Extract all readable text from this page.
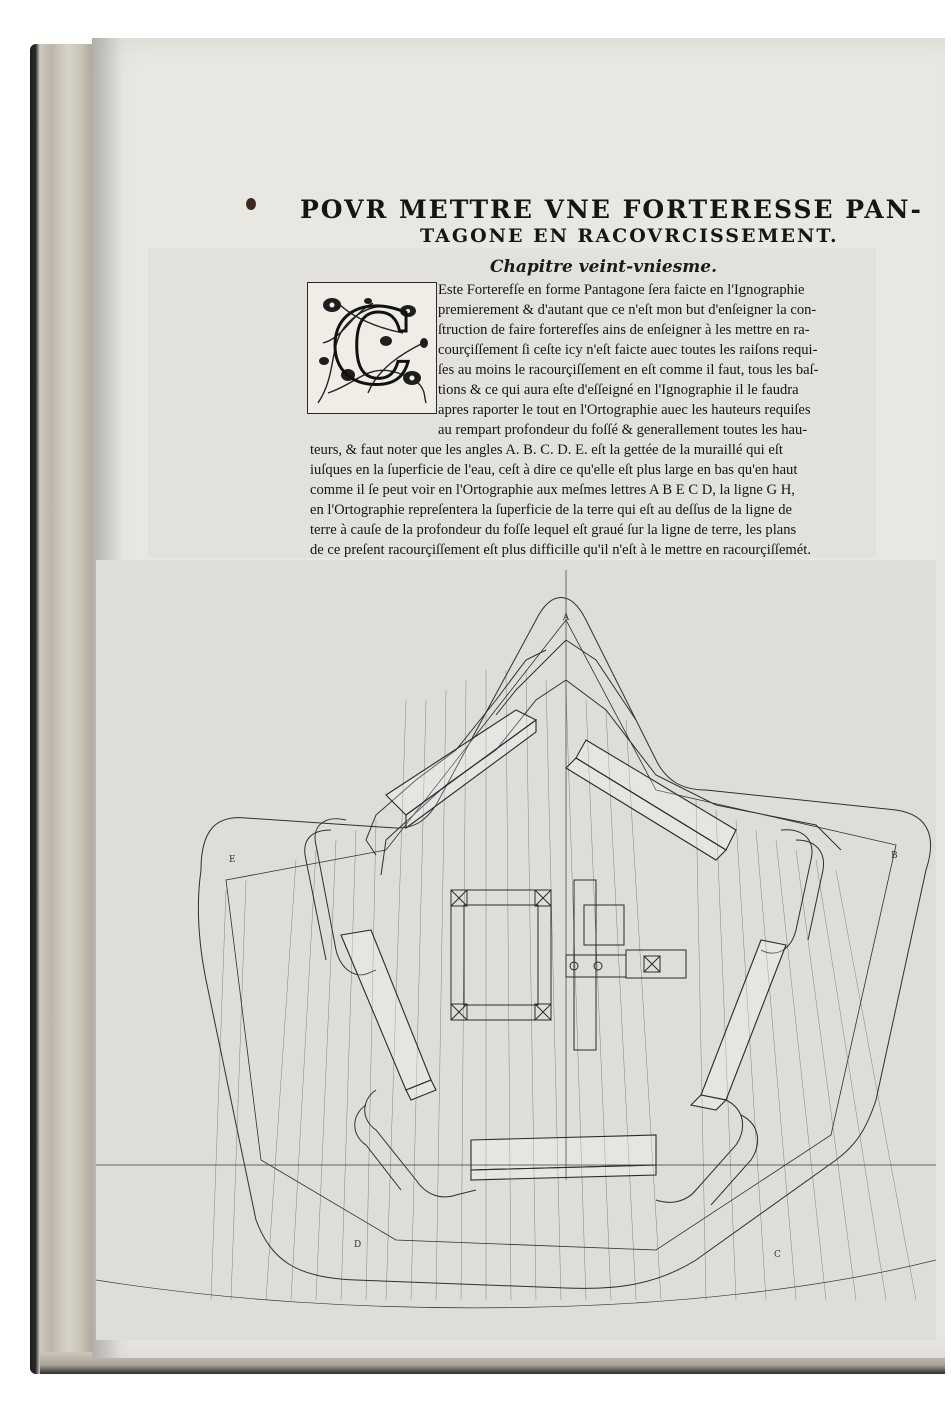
POVR METTRE VNE FORTERESSE PAN-
TAGONE EN RACOVRCISSEMENT.
Chapitre veint-vniesme.
C Este Forterefſe en forme Pantagone ſera faicte en l'Ignographie
premierement & d'autant que ce n'eſt mon but d'enſeigner la con-
ſtruction de faire forterefſes ains de enſeigner à les mettre en ra-
courçiſſement ſi ceſte icy n'eſt faicte auec toutes les raiſons requi-
ſes au moins le racourçiſſement en eſt comme il faut, tous les baſ-
tions & ce qui aura eſte d'eſſeigné en l'Ignographie il le faudra
apres raporter le tout en l'Ortographie auec les hauteurs requiſes
au rempart profondeur du foſſé & generallement toutes les hau-
teurs, & faut noter que les angles A. B. C. D. E. eſt la gettée de la muraillé qui eſt
iuſques en la ſuperficie de l'eau, ceſt à dire ce qu'elle eſt plus large en bas qu'en haut
comme il ſe peut voir en l'Ortographie aux meſmes lettres A B E C D, la ligne G H,
en l'Ortographie repreſentera la ſuperficie de la terre qui eſt au deſſus de la ligne de
terre à cauſe de la profondeur du foſſe lequel eſt graué ſur la ligne de terre, les plans
de ce preſent racourçiſſement eſt plus difficille qu'il n'eſt à le mettre en racourçiſſemét.
A
B
C
D
E
